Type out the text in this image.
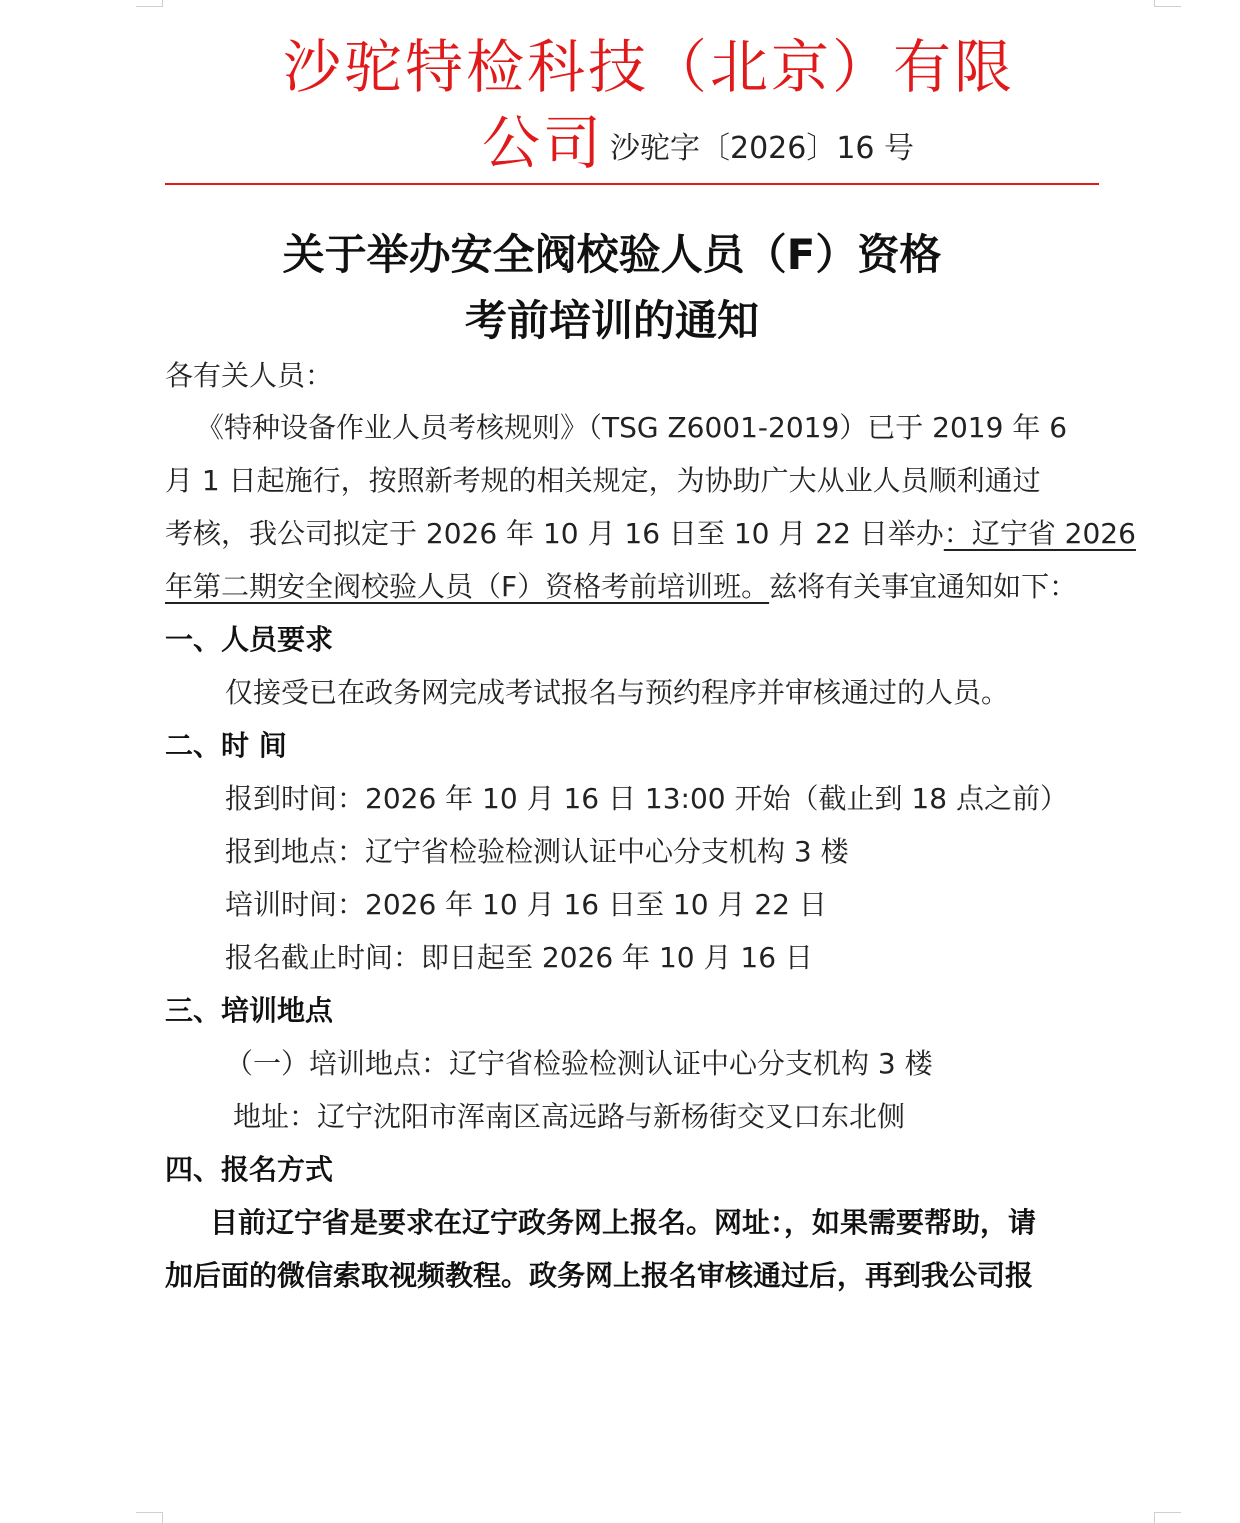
沙驼特检科技（北京）有限
公司 沙驼字〔2026〕16 号
关于举办安全阀校验人员（F）资格
考前培训的通知
各有关人员：
《特种设备作业人员考核规则》（TSG Z6001-2019）已于 2019 年 6
月 1 日起施行，按照新考规的相关规定，为协助广大从业人员顺利通过
考核，我公司拟定于 2026 年 10 月 16 日至 10 月 22 日举办：辽宁省 2026
年第二期安全阀校验人员（F）资格考前培训班。兹将有关事宜通知如下：
一、人员要求
仅接受已在政务网完成考试报名与预约程序并审核通过的人员。
二、时 间
报到时间：2026 年 10 月 16 日 13:00 开始（截止到 18 点之前）
报到地点：辽宁省检验检测认证中心分支机构 3 楼
培训时间：2026 年 10 月 16 日至 10 月 22 日
报名截止时间：即日起至 2026 年 10 月 16 日
三、培训地点
（一）培训地点：辽宁省检验检测认证中心分支机构 3 楼
地址：辽宁沈阳市浑南区高远路与新杨街交叉口东北侧
四、报名方式
目前辽宁省是要求在辽宁政务网上报名。网址：，如果需要帮助，请
加后面的微信索取视频教程。政务网上报名审核通过后，再到我公司报
